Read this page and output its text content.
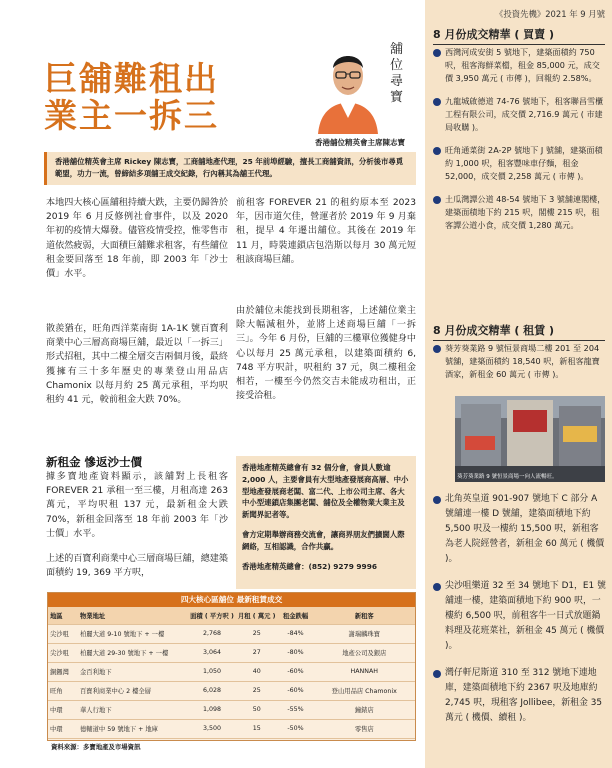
巨舖難租出
業主一拆三
舖位尋寶
香港舖位精英會主席陳志寶
香港舖位精英會主席 Rickey 陳志寶，工商舖地產代理，25 年前埠經驗，擅長工商舖資訊，分析後市尋覓範盟，功力一流，曾締結多項舖王成交紀錄，行內稱其為舖王代理。
本地四大核心區舖租持續大跌，主要仍歸咎於 2019 年 6 月反修例社會事件，以及 2020 年初的疫情大爆發。儘管疫情受控，惟零售市道依然疲弱，大面積巨舖難求租客，有些舖位租金要回落至 18 年前，即 2003 年「沙士價」水平。
散羨猶在，旺角西洋菜南街 1A-1K 號百寶利商業中心三層高商場巨舖，最近以「一拆三」形式招租，其中二樓全層交吉兩個月後，最終獲擁有三十多年歷史的專業登山用品店 Chamonix 以每月約 25 萬元承租，平均呎租約 41 元，較前租金大跌 70%。
新租金 慘返沙士價
據多寶地產資料顯示，該舖對上長租客 FOREVER 21 承租一至三樓，月租高達 263 萬元，平均呎租 137 元，最新租金大跌 70%，新租金回落至 18 年前 2003 年「沙士價」水平。
上述的百寶利商業中心三層商場巨舖，總建築面積約 19, 369 平方呎，
前租客 FOREVER 21 的租約原本至 2023 年，因市道欠佳，營運者於 2019 年 9 月棄租，提早 4 年遷出舖位。其後在 2019 年 11 月，時裝連鎖店包浩斯以每月 30 萬元短租該商場巨舖。
由於舖位未能找到長期租客，上述舖位業主除大幅減租外，並將上述商場巨舖「一拆三」。今年 6 月份，巨舖的三樓單位獲健身中心以每月 25 萬元承租，以建築面積約 6, 748 平方呎計，呎租約 37 元，與二樓租金相若，一樓至今仍然交吉未能成功租出，正接受洽租。

香港地產精英總會有 32 個分會，會員人數逾 2,000 人，主要會員有大型地產發展商高層、中小型地產發展商老闆、富二代、上市公司主席、各大中小型連鎖店集團老闆、舖位及全權物業大業主及新聞界記者等。

會方定期舉辦商務交流會，讓商界朋友們擴闊人際網絡，互相認識，合作共贏。

香港地產精英總會：(852) 9279 9996

四大核心區舖位 最新租賃成交
地區	物業地址	面積 ( 平方呎 )	月租 ( 萬元 )	租金跌幅	新租客
尖沙咀	柏麗大道 9-10 號地下 + 一樓	2,768	25	-84%	謝瑞麟珠寶
尖沙咀	柏麗大道 29-30 號地下 + 一樓	3,064	27	-80%	地產公司及銀店
銅鑼灣	金百利地下	1,050	40	-60%	HANNAH
旺角	百寶利商業中心 2 樓全層	6,028	25	-60%	登山用品店 Chamonix
中環	華人行地下	1,098	50	-55%	鐘錶店
中環	德輔道中 59 號地下 + 地庫	3,500	15	-50%	零售店
資料來源：多寶地產及市場資訊
《投資先機》2021 年 9 月號
8 月份成交精華 ( 買賣 )
西灣河成安街 5 號地下，建築面積約 750 呎，租客海鮮菜檔，租金 85,000 元，成交價 3,950 萬元 ( 市傳 )，回報約 2.58%。
九龍城啟德道 74-76 號地下，租客聯昌雪櫃工程有限公司，成交價 2,716.9 萬元 ( 市建局收購 )。
旺角通菜街 2A-2P 號地下 J 號舖，建築面積約 1,000 呎，租客豐味車仔麵，租金 52,000，成交價 2,258 萬元 ( 市傳 )。
土瓜灣譚公道 48-54 號地下 3 號舖連閣樓，建築面積地下約 215 呎，閣樓 215 呎，租客譚公道小食，成交價 1,280 萬元。
8 月份成交精華 ( 租賃 )
葵芳葵業路 9 號恒景商場二樓 201 至 204 號舖，建築面積約 18,540 呎，新租客龍寶酒家，新租金 60 萬元 ( 市傳 )。
葵芳葵業路 9 號恒景商場一向人流暢旺。
北角英皇道 901-907 號地下 C 部分 A 號舖連一樓 D 號舖，建築面積地下約 5,500 呎及一樓約 15,500 呎，新租客為老人院經營者，新租金 60 萬元 ( 機價 )。
尖沙咀樂道 32 至 34 號地下 D1，E1 號舖連一樓，建築面積地下約 900 呎，一樓約 6,500 呎，前租客牛一日式放題鍋料理及花班菜社，新租金 45 萬元 ( 機價 )。
灣仔軒尼斯道 310 至 312 號地下連地庫，建築面積地下約 2367 呎及地庫約 2,745 呎，現租客 Jollibee，新租金 35 萬元 ( 機價、續租 )。
